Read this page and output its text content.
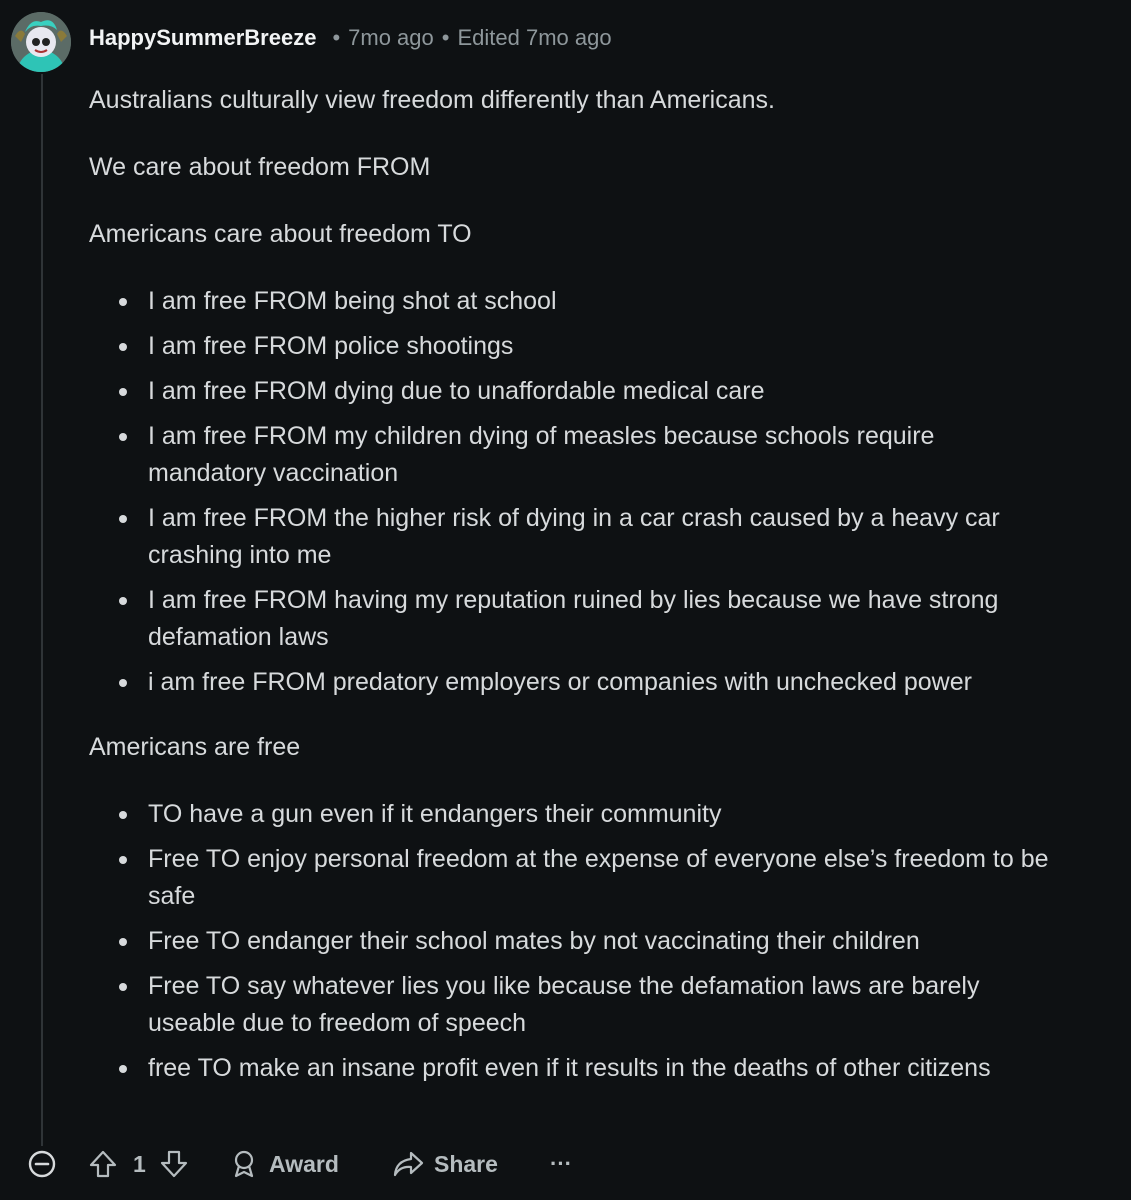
HappySummerBreeze • 7mo ago • Edited 7mo ago

Australians culturally view freedom differently than Americans.

We care about freedom FROM

Americans care about freedom TO

I am free FROM being shot at school
I am free FROM police shootings
I am free FROM dying due to unaffordable medical care
I am free FROM my children dying of measles because schools require mandatory vaccination
I am free FROM the higher risk of dying in a car crash caused by a heavy car crashing into me
I am free FROM having my reputation ruined by lies because we have strong defamation laws
i am free FROM predatory employers or companies with unchecked power

Americans are free

TO have a gun even if it endangers their community
Free TO enjoy personal freedom at the expense of everyone else’s freedom to be safe
Free TO endanger their school mates by not vaccinating their children
Free TO say whatever lies you like because the defamation laws are barely useable due to freedom of speech
free TO make an insane profit even if it results in the deaths of other citizens
1	Award	Share ···
